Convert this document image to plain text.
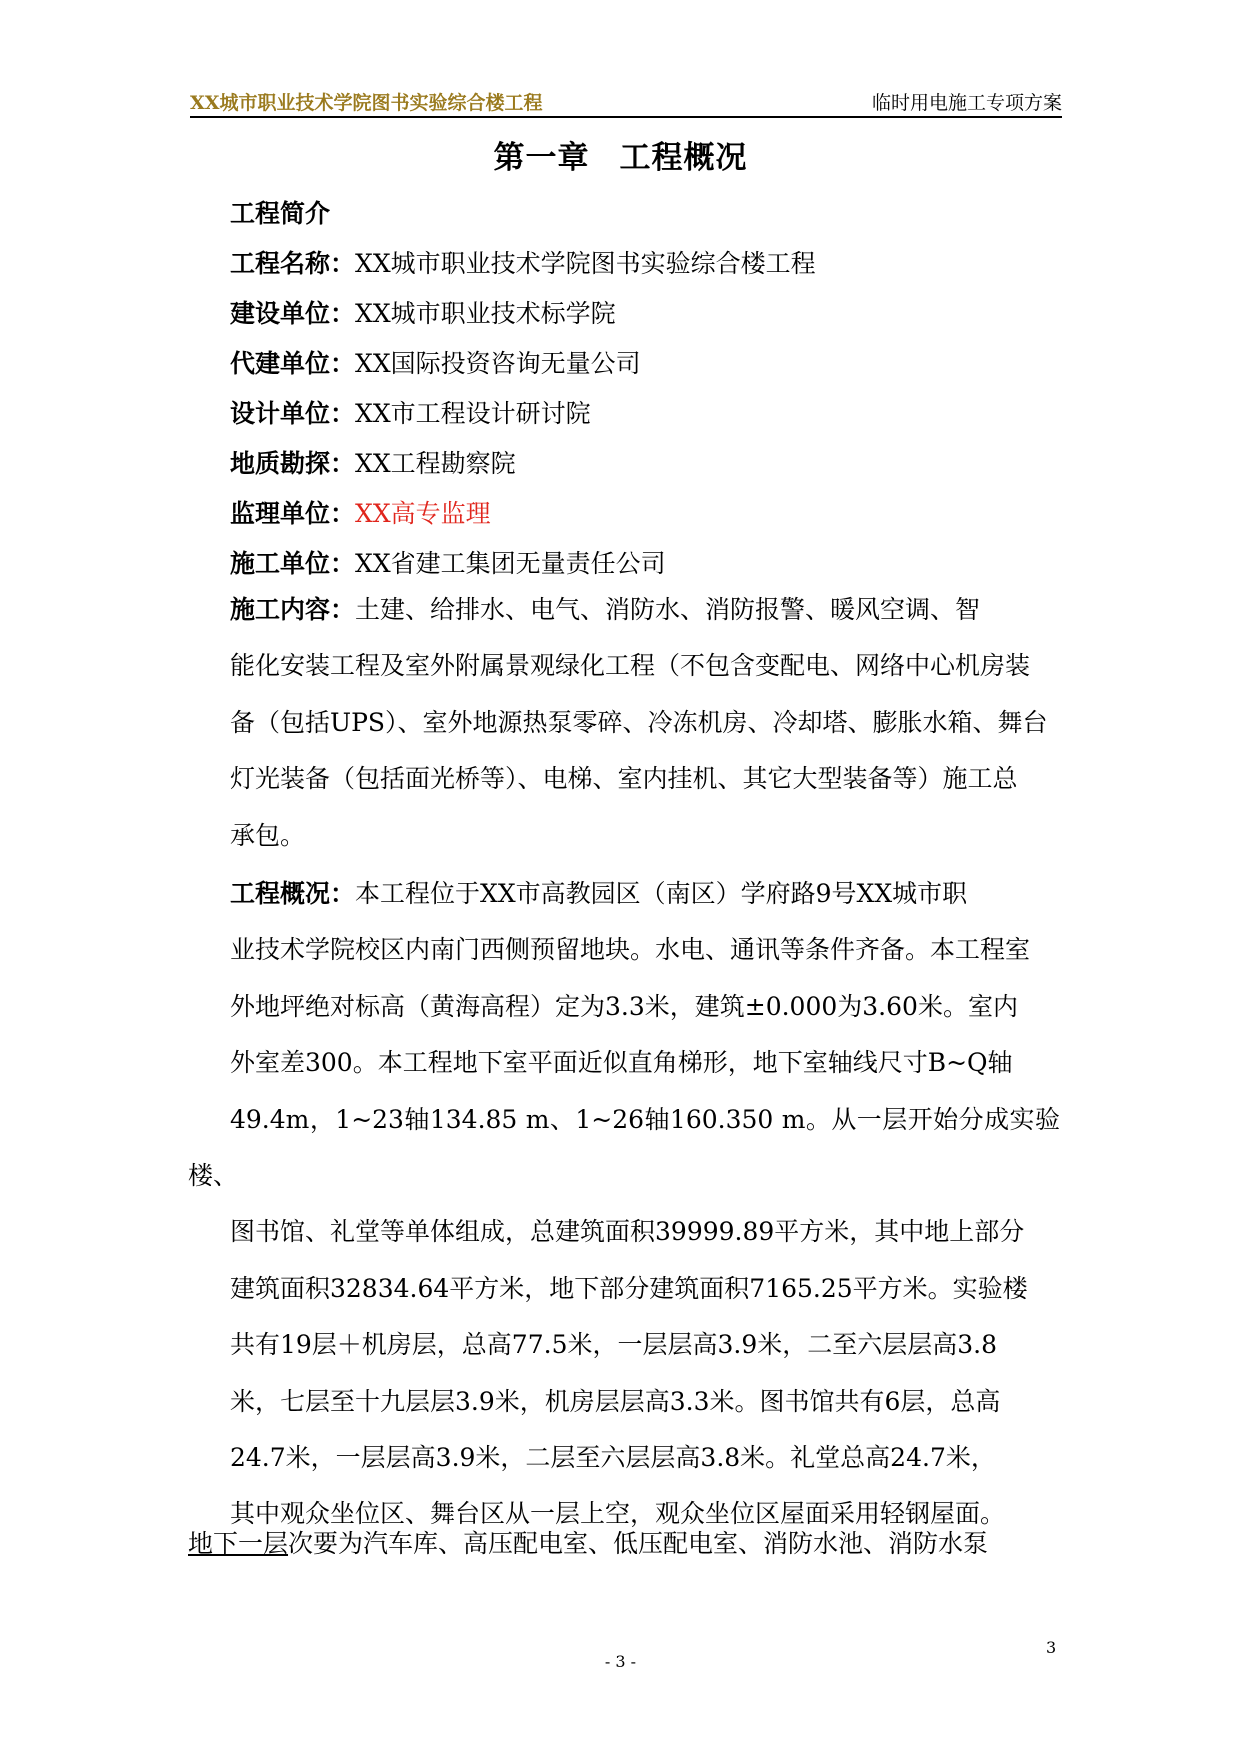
XX城市职业技术学院图书实验综合楼工程	临时用电施工专项方案
第一章 工程概况
工程简介
工程名称：XX城市职业技术学院图书实验综合楼工程
建设单位：XX城市职业技术标学院
代建单位：XX国际投资咨询无量公司
设计单位：XX市工程设计研讨院
地质勘探：XX工程勘察院
监理单位：XX高专监理
施工单位：XX省建工集团无量责任公司
施工内容：土建、给排水、电气、消防水、消防报警、暖风空调、智
能化安装工程及室外附属景观绿化工程（不包含变配电、网络中心机房装
备（包括UPS）、室外地源热泵零碎、冷冻机房、冷却塔、膨胀水箱、舞台
灯光装备（包括面光桥等）、电梯、室内挂机、其它大型装备等）施工总
承包。
工程概况：本工程位于XX市高教园区（南区）学府路9号XX城市职
业技术学院校区内南门西侧预留地块。水电、通讯等条件齐备。本工程室
外地坪绝对标高（黄海高程）定为3.3米，建筑±0.000为3.60米。室内
外室差300。本工程地下室平面近似直角梯形，地下室轴线尺寸B~Q轴
49.4m，1~23轴134.85 m、1~26轴160.350 m。从一层开始分成实验楼、
图书馆、礼堂等单体组成，总建筑面积39999.89平方米，其中地上部分
建筑面积32834.64平方米，地下部分建筑面积7165.25平方米。实验楼
共有19层＋机房层，总高77.5米，一层层高3.9米，二至六层层高3.8
米，七层至十九层层3.9米，机房层层高3.3米。图书馆共有6层，总高
24.7米，一层层高3.9米，二层至六层层高3.8米。礼堂总高24.7米，
其中观众坐位区、舞台区从一层上空，观众坐位区屋面采用轻钢屋面。
地下一层次要为汽车库、高压配电室、低压配电室、消防水池、消防水泵
- 3 -
3
